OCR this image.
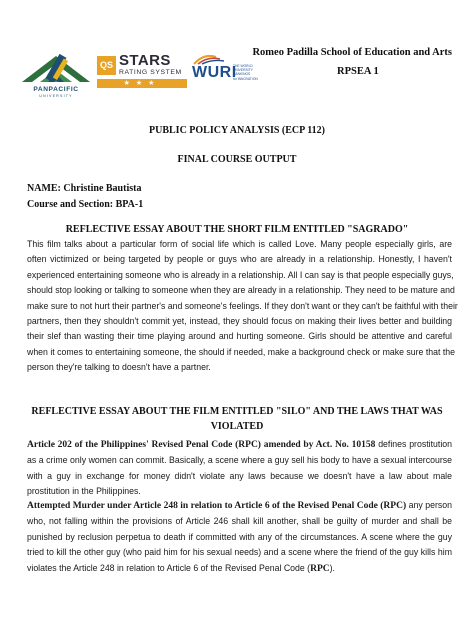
PANPACIFIC
UNIVERSITY
QS STARS
RATING SYSTEM
★★★
WURI
THE WORLD
UNIVERSITY
RANKINGS
for INNOVATION
Romeo Padilla School of Education and Arts
RPSEA 1
PUBLIC POLICY ANALYSIS (ECP 112)
FINAL COURSE OUTPUT
NAME: Christine Bautista
Course and Section: BPA-1
REFLECTIVE ESSAY ABOUT THE SHORT FILM ENTITLED "SAGRADO"
This film talks about a particular form of social life which is called Love. Many people especially girls, are
often victimized or being targeted by people or guys who are already in a relationship. Honestly, I haven't
experienced entertaining someone who is already in a relationship. All I can say is that people especially guys,
should stop looking or talking to someone when they are already in a relationship. They need to be mature and
make sure to not hurt their partner's and someone's feelings. If they don't want or they can't be faithful with their
partners, then they shouldn't commit yet, instead, they should focus on making their lives better and building
their slef than wasting their time playing around and hurting someone. Girls should be attentive and careful
when it comes to entertaining someone, the should if needed, make a background check or make sure that the
person they're talking to doesn't have a partner.
REFLECTIVE ESSAY ABOUT THE FILM ENTITLED "SILO" AND THE LAWS THAT WAS
VIOLATED
Article 202 of the Philippines' Revised Penal Code (RPC) amended by Act. No. 10158 defines prostitution
as a crime only women can commit. Basically, a scene where a guy sell his body to have a sexual intercourse
with a guy in exchange for money didn't violate any laws because we doesn't have a law about male
prostitution in the Philippines.
Attempted Murder under Article 248 in relation to Article 6 of the Revised Penal Code (RPC) any person
who, not falling within the provisions of Article 246 shall kill another, shall be guilty of murder and shall be
punished by reclusion perpetua to death if committed with any of the circumstances. A scene where the guy
tried to kill the other guy (who paid him for his sexual needs) and a scene where the friend of the guy kills him
violates the Article 248 in relation to Article 6 of the Revised Penal Code (RPC).
